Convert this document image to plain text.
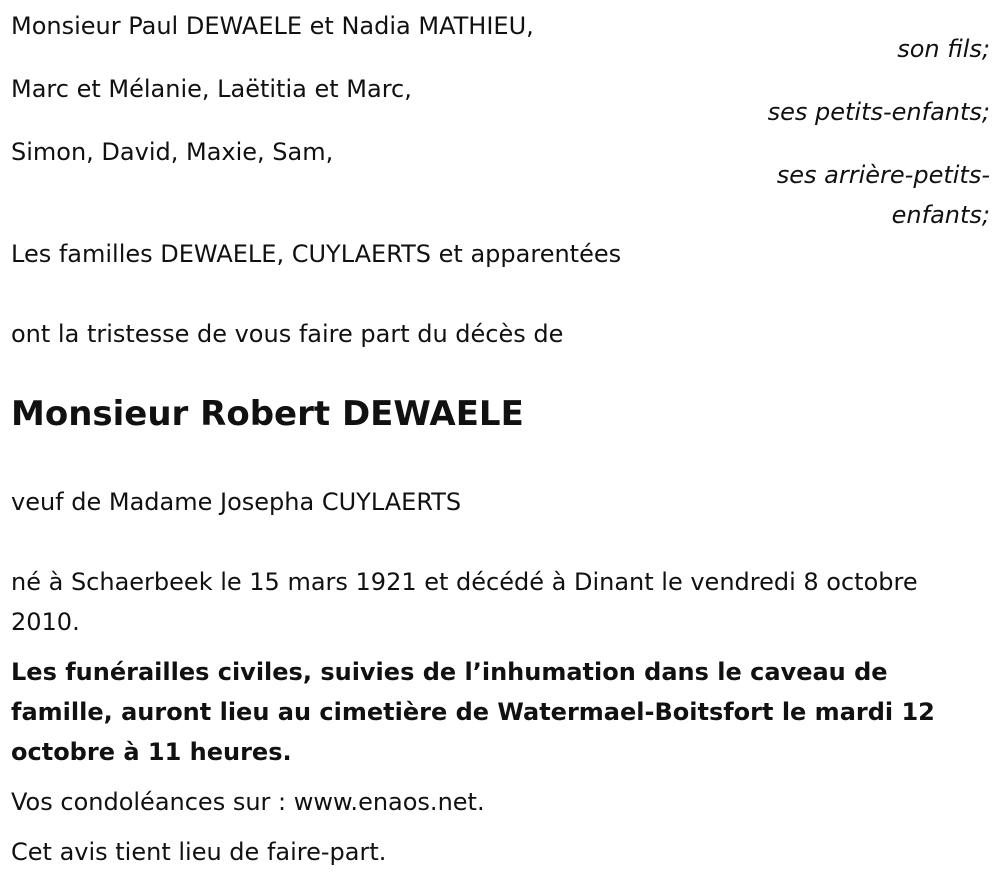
Monsieur Paul DEWAELE et Nadia MATHIEU,
son fils;
Marc et Mélanie, Laëtitia et Marc,
ses petits-enfants;
Simon, David, Maxie, Sam,
ses arrière-petits-enfants;
Les familles DEWAELE, CUYLAERTS et apparentées
ont la tristesse de vous faire part du décès de
Monsieur Robert DEWAELE
veuf de Madame Josepha CUYLAERTS
né à Schaerbeek le 15 mars 1921 et décédé à Dinant le vendredi 8 octobre 2010.
Les funérailles civiles, suivies de l’inhumation dans le caveau de famille, auront lieu au cimetière de Watermael-Boitsfort le mardi 12 octobre à 11 heures.
Vos condoléances sur : www.enaos.net.
Cet avis tient lieu de faire-part.
